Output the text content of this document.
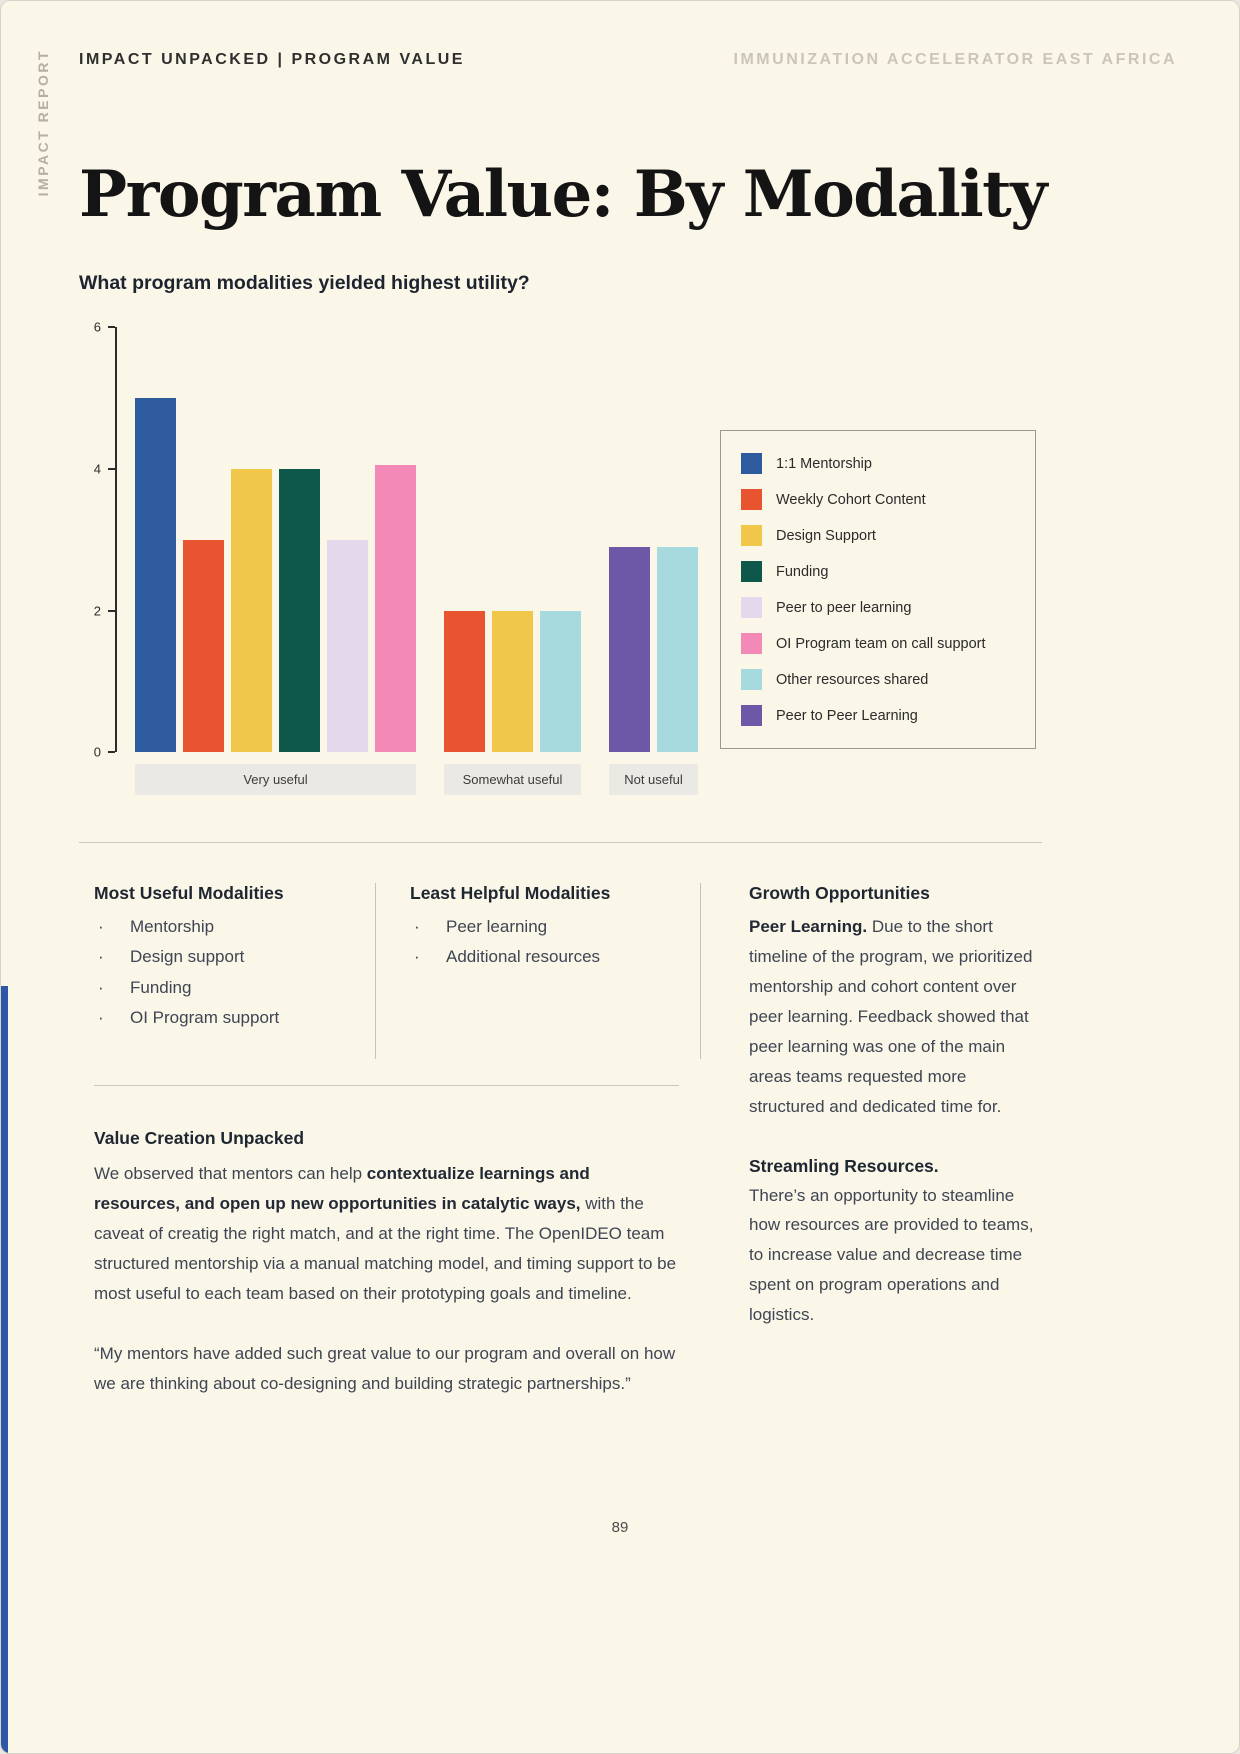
IMPACT REPORT IMPACT UNPACKED | PROGRAM VALUE	IMMUNIZATION ACCELERATOR EAST AFRICA
Program Value: By Modality
What program modalities yielded highest utility?
0
2
4
6
Very useful	Somewhat useful	Not useful
1:1 Mentorship
Weekly Cohort Content
Design Support
Funding
Peer to peer learning
OI Program team on call support
Other resources shared
Peer to Peer Learning
Most Useful Modalities
· Mentorship
· Design support
· Funding
· OI Program support
Least Helpful Modalities
· Peer learning
· Additional resources
Value Creation Unpacked

We observed that mentors can help contextualize learnings and resources, and open up new opportunities in catalytic ways, with the caveat of creatig the right match, and at the right time. The OpenIDEO team structured mentorship via a manual matching model, and timing support to be most useful to each team based on their prototyping goals and timeline.

“My mentors have added such great value to our program and overall on how we are thinking about co-designing and building strategic partnerships.”

Growth Opportunities

Peer Learning. Due to the short timeline of the program, we prioritized mentorship and cohort content over peer learning. Feedback showed that peer learning was one of the main areas teams requested more structured and dedicated time for.

Streamling Resources.

There’s an opportunity to steamline how resources are provided to teams, to increase value and decrease time spent on program operations and logistics.

89
